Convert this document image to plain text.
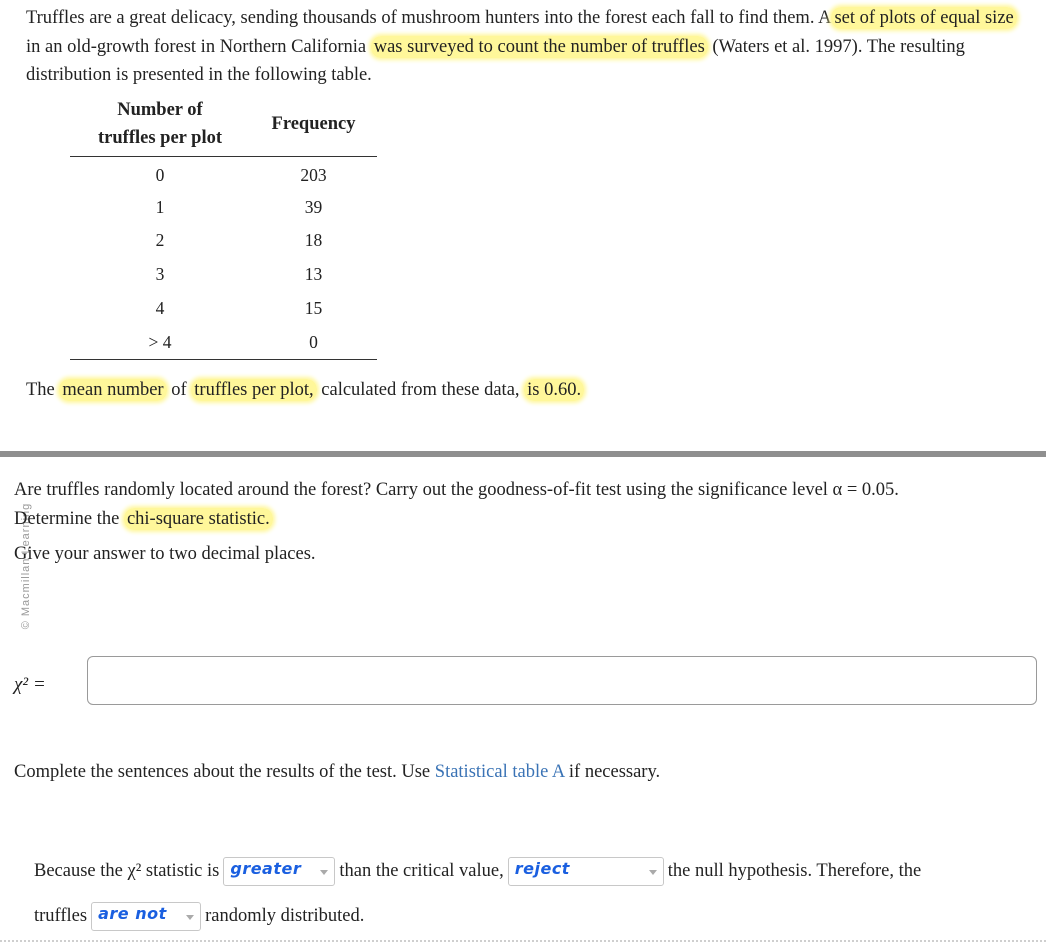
Truffles are a great delicacy, sending thousands of mushroom hunters into the forest each fall to find them. A set of plots of equal size in an old-growth forest in Northern California was surveyed to count the number of truffles (Waters et al. 1997). The resulting distribution is presented in the following table.
Number of
truffles per plot	Frequency
0	203
1	39
2	18
3	13
4	15
> 4	0
The mean number of truffles per plot, calculated from these data, is 0.60.
© Macmillan Learning
Are truffles randomly located around the forest? Carry out the goodness-of-fit test using the significance level α = 0.05.
Determine the chi-square statistic.
Give your answer to two decimal places.
χ² =
Complete the sentences about the results of the test. Use Statistical table A if necessary.
Because the χ² statistic is greater than the critical value, reject	the null hypothesis. Therefore, the
truffles are not randomly distributed.
